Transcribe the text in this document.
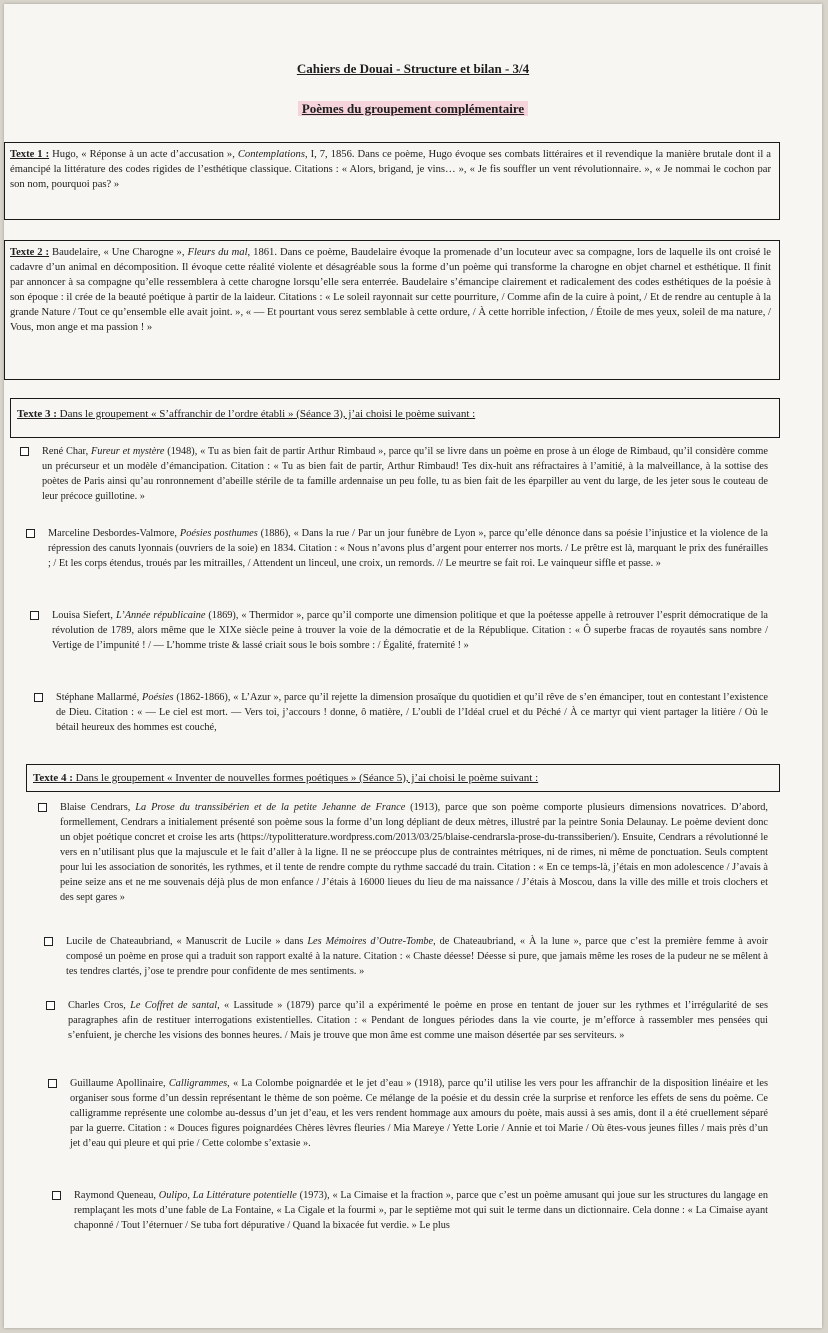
Cahiers de Douai - Structure et bilan - 3/4
Poèmes du groupement complémentaire
Texte 1 : Hugo, « Réponse à un acte d’accusation », Contemplations, I, 7, 1856. Dans ce poème, Hugo évoque ses combats littéraires et il revendique la manière brutale dont il a émancipé la littérature des codes rigides de l’esthétique classique. Citations : « Alors, brigand, je vins… », « Je fis souffler un vent révolutionnaire. », « Je nommai le cochon par son nom, pourquoi pas? »
Texte 2 : Baudelaire, « Une Charogne », Fleurs du mal, 1861. Dans ce poème, Baudelaire évoque la promenade d’un locuteur avec sa compagne, lors de laquelle ils ont croisé le cadavre d’un animal en décomposition. Il évoque cette réalité violente et désagréable sous la forme d’un poème qui transforme la charogne en objet charnel et esthétique. Il finit par annoncer à sa compagne qu’elle ressemblera à cette charogne lorsqu’elle sera enterrée. Baudelaire s’émancipe clairement et radicalement des codes esthétiques de la poésie à son époque : il crée de la beauté poétique à partir de la laideur. Citations : « Le soleil rayonnait sur cette pourriture, / Comme afin de la cuire à point, / Et de rendre au centuple à la grande Nature / Tout ce qu’ensemble elle avait joint. », « — Et pourtant vous serez semblable à cette ordure, / À cette horrible infection, / Étoile de mes yeux, soleil de ma nature, / Vous, mon ange et ma passion ! »
Texte 3 : Dans le groupement « S’affranchir de l’ordre établi » (Séance 3), j’ai choisi le poème suivant :
René Char, Fureur et mystère (1948), « Tu as bien fait de partir Arthur Rimbaud », parce qu’il se livre dans un poème en prose à un éloge de Rimbaud, qu’il considère comme un précurseur et un modèle d’émancipation. Citation : « Tu as bien fait de partir, Arthur Rimbaud! Tes dix-huit ans réfractaires à l’amitié, à la malveillance, à la sottise des poètes de Paris ainsi qu’au ronronnement d’abeille stérile de ta famille ardennaise un peu folle, tu as bien fait de les éparpiller au vent du large, de les jeter sous le couteau de leur précoce guillotine. »
Marceline Desbordes-Valmore, Poésies posthumes (1886), « Dans la rue / Par un jour funèbre de Lyon », parce qu’elle dénonce dans sa poésie l’injustice et la violence de la répression des canuts lyonnais (ouvriers de la soie) en 1834. Citation : « Nous n’avons plus d’argent pour enterrer nos morts. / Le prêtre est là, marquant le prix des funérailles ; / Et les corps étendus, troués par les mitrailles, / Attendent un linceul, une croix, un remords. // Le meurtre se fait roi. Le vainqueur siffle et passe. »
Louisa Siefert, L’Année républicaine (1869), « Thermidor », parce qu’il comporte une dimension politique et que la poétesse appelle à retrouver l’esprit démocratique de la révolution de 1789, alors même que le XIXe siècle peine à trouver la voie de la démocratie et de la République. Citation : « Ô superbe fracas de royautés sans nombre / Vertige de l’impunité ! / — L’homme triste & lassé criait sous le bois sombre : / Égalité, fraternité ! »
Stéphane Mallarmé, Poésies (1862-1866), « L’Azur », parce qu’il rejette la dimension prosaïque du quotidien et qu’il rêve de s’en émanciper, tout en contestant l’existence de Dieu. Citation : « — Le ciel est mort. — Vers toi, j’accours ! donne, ô matière, / L’oubli de l’Idéal cruel et du Péché / À ce martyr qui vient partager la litière / Où le bétail heureux des hommes est couché,
Texte 4 : Dans le groupement « Inventer de nouvelles formes poétiques » (Séance 5), j’ai choisi le poème suivant :
Blaise Cendrars, La Prose du transsibérien et de la petite Jehanne de France (1913), parce que son poème comporte plusieurs dimensions novatrices. D’abord, formellement, Cendrars a initialement présenté son poème sous la forme d’un long dépliant de deux mètres, illustré par la peintre Sonia Delaunay. Le poème devient donc un objet poétique concret et croise les arts (https://typolitterature.wordpress.com/2013/03/25/blaise-cendrarsla-prose-du-transsiberien/). Ensuite, Cendrars a révolutionné le vers en n’utilisant plus que la majuscule et le fait d’aller à la ligne. Il ne se préoccupe plus de contraintes métriques, ni de rimes, ni même de ponctuation. Seuls comptent pour lui les association de sonorités, les rythmes, et il tente de rendre compte du rythme saccadé du train. Citation : « En ce temps-là, j’étais en mon adolescence / J’avais à peine seize ans et ne me souvenais déjà plus de mon enfance / J’étais à 16000 lieues du lieu de ma naissance / J’étais à Moscou, dans la ville des mille et trois clochers et des sept gares »
Lucile de Chateaubriand, « Manuscrit de Lucile » dans Les Mémoires d’Outre-Tombe, de Chateaubriand, « À la lune », parce que c’est la première femme à avoir composé un poème en prose qui a traduit son rapport exalté à la nature. Citation : « Chaste déesse! Déesse si pure, que jamais même les roses de la pudeur ne se mêlent à tes tendres clartés, j’ose te prendre pour confidente de mes sentiments. »
Charles Cros, Le Coffret de santal, « Lassitude » (1879) parce qu’il a expérimenté le poème en prose en tentant de jouer sur les rythmes et l’irrégularité de ses paragraphes afin de restituer interrogations existentielles. Citation : « Pendant de longues périodes dans la vie courte, je m’efforce à rassembler mes pensées qui s’enfuient, je cherche les visions des bonnes heures. / Mais je trouve que mon âme est comme une maison désertée par ses serviteurs. »
Guillaume Apollinaire, Calligrammes, « La Colombe poignardée et le jet d’eau » (1918), parce qu’il utilise les vers pour les affranchir de la disposition linéaire et les organiser sous forme d’un dessin représentant le thème de son poème. Ce mélange de la poésie et du dessin crée la surprise et renforce les effets de sens du poème. Ce calligramme représente une colombe au-dessus d’un jet d’eau, et les vers rendent hommage aux amours du poète, mais aussi à ses amis, dont il a été cruellement séparé par la guerre. Citation : « Douces figures poignardées Chères lèvres fleuries / Mia Mareye / Yette Lorie / Annie et toi Marie / Où êtes-vous jeunes filles / mais près d’un jet d’eau qui pleure et qui prie / Cette colombe s’extasie ».
Raymond Queneau, Oulipo, La Littérature potentielle (1973), « La Cimaise et la fraction », parce que c’est un poème amusant qui joue sur les structures du langage en remplaçant les mots d’une fable de La Fontaine, « La Cigale et la fourmi », par le septième mot qui suit le terme dans un dictionnaire. Cela donne : « La Cimaise ayant chaponné / Tout l’éternuer / Se tuba fort dépurative / Quand la bixacée fut verdie. » Le plus
